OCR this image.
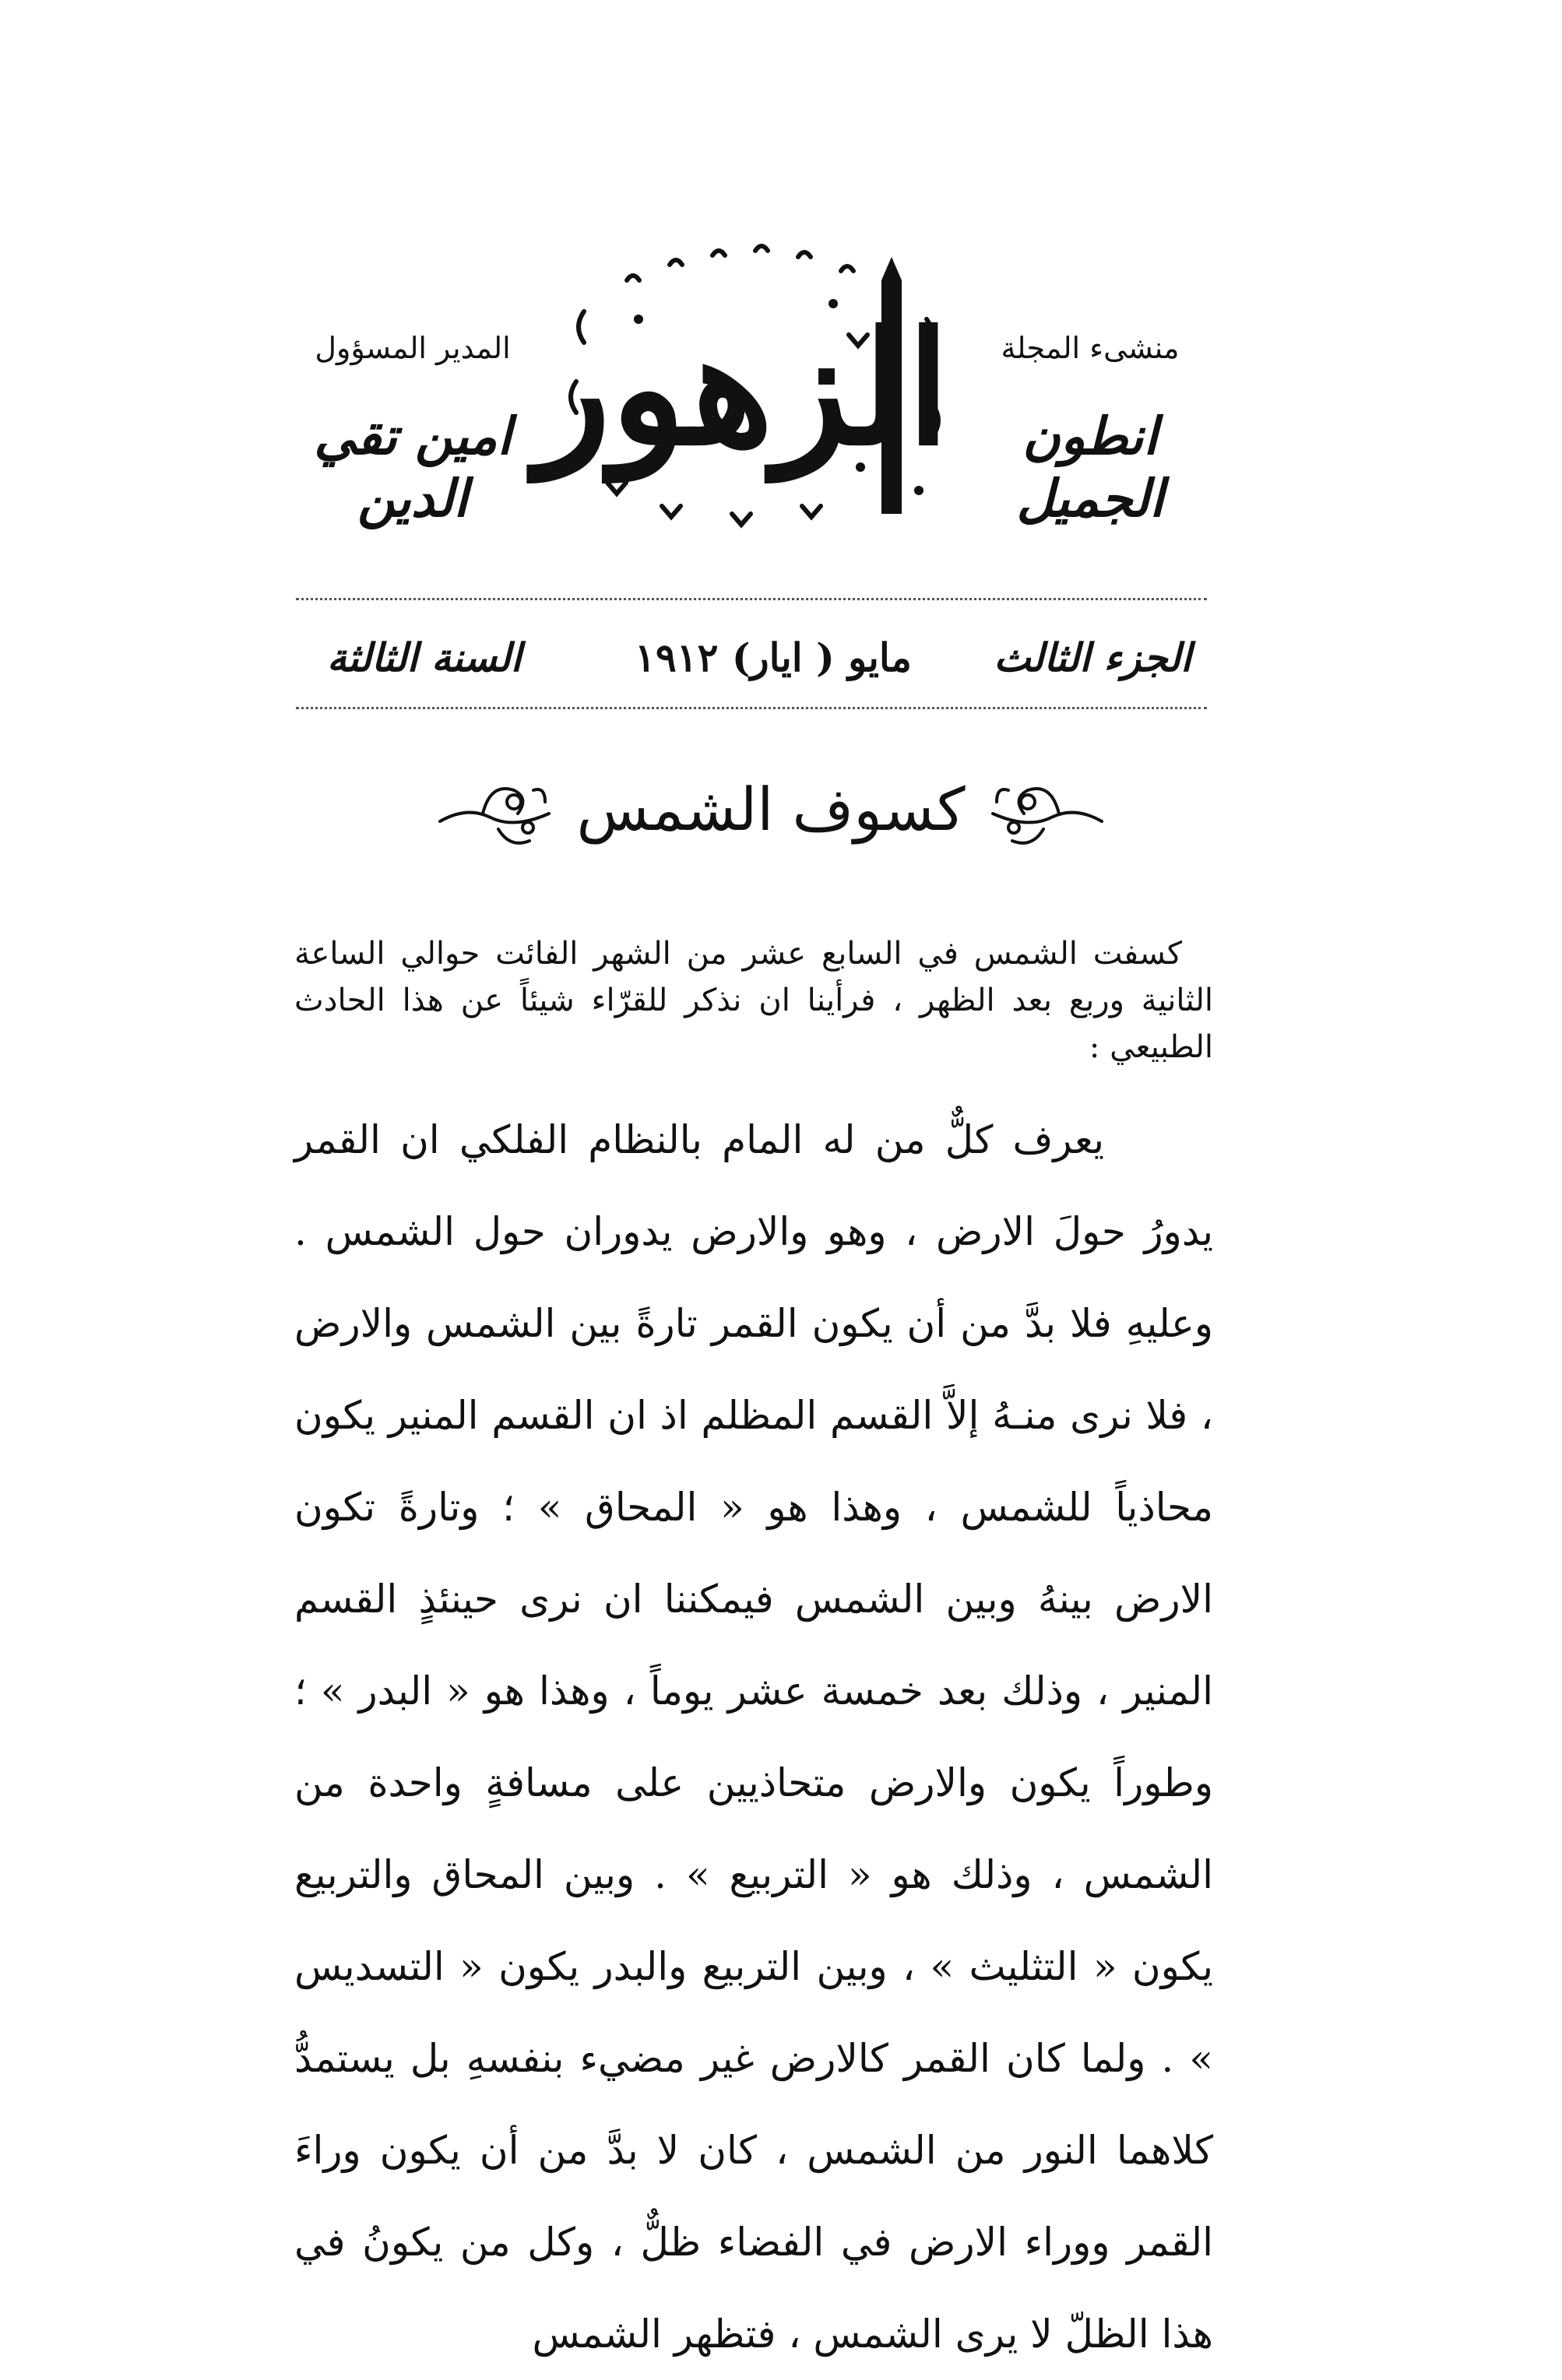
منشىء المجلة
انطون الجميل
الزهور
المدير المسؤول
امين تقي الدين
الجزء الثالث
مايو ( ايار) ١٩١٢
السنة الثالثة
كسوف الشمس

كسفت الشمس في السابع عشر من الشهر الفائت حوالي الساعة الثانية وربع بعد الظهر ، فرأينا ان نذكر للقرّاء شيئاً عن هذا الحادث الطبيعي :

يعرف كلٌّ من له المام بالنظام الفلكي ان القمر يدورُ حولَ الارض ، وهو والارض يدوران حول الشمس . وعليهِ فلا بدَّ من أن يكون القمر تارةً بين الشمس والارض ، فلا نرى منـهُ إلاَّ القسم المظلم اذ ان القسم المنير يكون محاذياً للشمس ، وهذا هو « المحاق » ؛ وتارةً تكون الارض بينهُ وبين الشمس فيمكننا ان نرى حينئذٍ القسم المنير ، وذلك بعد خمسة عشر يوماً ، وهذا هو « البدر » ؛ وطوراً يكون والارض متحاذيين على مسافةٍ واحدة من الشمس ، وذلك هو « التربيع » . وبين المحاق والتربيع يكون « التثليث » ، وبين التربيع والبدر يكون « التسديس » . ولما كان القمر كالارض غير مضيء بنفسهِ بل يستمدُّ كلاهما النور من الشمس ، كان لا بدَّ من أن يكون وراءَ القمر ووراء الارض في الفضاء ظلٌّ ، وكل من يكونُ في هذا الظلّ لا يرى الشمس ، فتظهر الشمس
